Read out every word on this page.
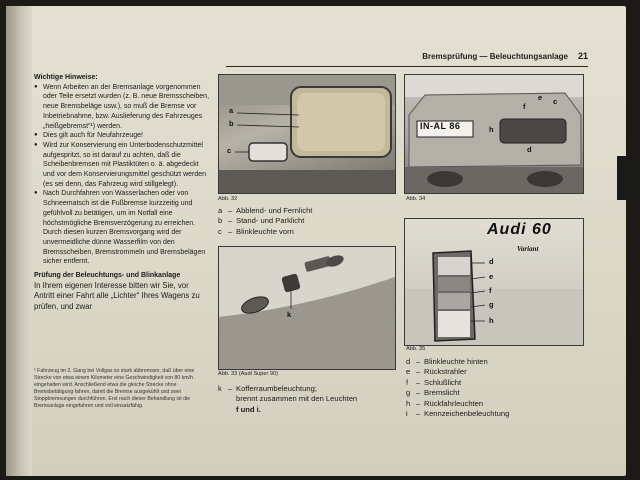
Bremsprüfung — Beleuchtungsanlage 21

Wichtige Hinweise:

● Wenn Arbeiten an der Bremsanlage vorgenommen oder Teile ersetzt wurden (z. B. neue Bremsscheiben, neue Bremsbeläge usw.), so muß die Bremse vor Inbetriebnahme, bzw. Auslieferung des Fahrzeuges „heißgebremst“¹) werden.
● Dies gilt auch für Neufahrzeuge!
● Wird zur Konservierung ein Unterbodenschutzmittel aufgespritzt, so ist darauf zu achten, daß die Scheibenbremsen mit Plastiktüten o. ä. abgedeckt und vor dem Konservierungsmittel geschützt werden (es sei denn, das Fahrzeug wird stillgelegt).
● Nach Durchfahren von Wasserlachen oder von Schneematsch ist die Fußbremse kurzzeitig und gefühlvoll zu betätigen, um im Notfall eine höchstmögliche Bremsverzögerung zu erreichen.

Durch diesen kurzen Bremsvorgang wird der unvermeidliche dünne Wasserfilm von den Bremsscheiben, Bremstrommeln und Bremsbelägen sicher entfernt.

Prüfung der Beleuchtungs- und Blinkanlage

In Ihrem eigenen Interesse bitten wir Sie, vor Antritt einer Fahrt alle „Lichter“ Ihres Wagens zu prüfen, und zwar

¹ Fahrzeug im 2. Gang bei Vollgas so stark abbremsen, daß über eine Strecke von etwa einem Kilometer eine Geschwindigkeit von 80 km/h eingehalten wird. Anschließend etwa die gleiche Strecke ohne Bremsbetätigung fahren, damit die Bremse ausgekühlt und zwei Stoppbremsungen durchführen. Erst nach dieser Behandlung ist die Bremsanlage eingefahren und voll einsatzfähig.
a
b
c
Abb. 32
a – Abblend- und Fernlicht
b – Stand- und Parklicht
c – Blinkleuchte vorn
IN-AL 86
e c
f
h
d
Abb. 34
k
Abb. 33 (Audi Super 90)
k – Kofferraumbeleuchtung;
brennt zusammen mit den Leuchten
f und i.
Audi 60
Variant
d
e
f
g
h
Abb. 35
d – Blinkleuchte hinten
e – Rückstrahler
f – Schlußlicht
g – Bremslicht
h – Rückfahrleuchten
i – Kennzeichenbeleuchtung
